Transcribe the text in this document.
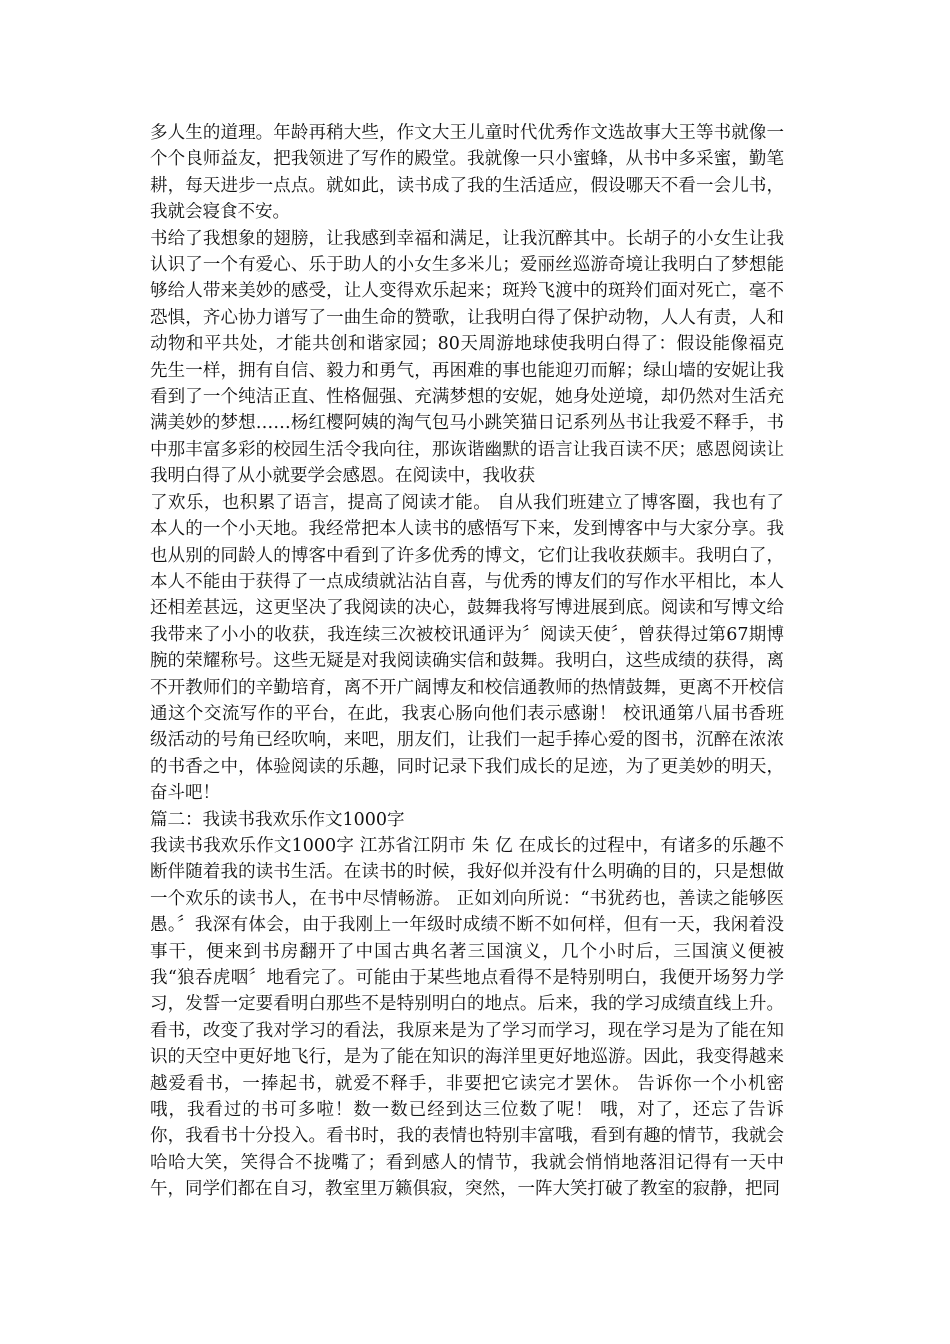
多人生的道理。年龄再稍大些，作文大王儿童时代优秀作文选故事大王等书就像一个个良师益友，把我领进了写作的殿堂。我就像一只小蜜蜂，从书中多采蜜，勤笔耕，每天进步一点点。就如此，读书成了我的生活适应，假设哪天不看一会儿书，我就会寝食不安。

书给了我想象的翅膀，让我感到幸福和满足，让我沉醉其中。长胡子的小女生让我认识了一个有爱心、乐于助人的小女生多米儿；爱丽丝巡游奇境让我明白了梦想能够给人带来美妙的感受，让人变得欢乐起来；斑羚飞渡中的斑羚们面对死亡，毫不恐惧，齐心协力谱写了一曲生命的赞歌，让我明白得了保护动物，人人有责，人和动物和平共处，才能共创和谐家园；80天周游地球使我明白得了：假设能像福克先生一样，拥有自信、毅力和勇气，再困难的事也能迎刃而解；绿山墙的安妮让我看到了一个纯洁正直、性格倔强、充满梦想的安妮，她身处逆境，却仍然对生活充满美妙的梦想……杨红樱阿姨的淘气包马小跳笑猫日记系列丛书让我爱不释手，书中那丰富多彩的校园生活令我向往，那诙谐幽默的语言让我百读不厌；感恩阅读让我明白得了从小就要学会感恩。在阅读中，我收获

了欢乐，也积累了语言，提高了阅读才能。 自从我们班建立了博客圈，我也有了本人的一个小天地。我经常把本人读书的感悟写下来，发到博客中与大家分享。我也从别的同龄人的博客中看到了许多优秀的博文，它们让我收获颇丰。我明白了，本人不能由于获得了一点成绩就沾沾自喜，与优秀的博友们的写作水平相比，本人还相差甚远，这更坚决了我阅读的决心，鼓舞我将写博进展到底。阅读和写博文给我带来了小小的收获，我连续三次被校讯通评为〞阅读天使〞，曾获得过第67期博腕的荣耀称号。这些无疑是对我阅读确实信和鼓舞。我明白，这些成绩的获得，离不开教师们的辛勤培育，离不开广阔博友和校信通教师的热情鼓舞，更离不开校信通这个交流写作的平台，在此，我衷心肠向他们表示感谢！ 校讯通第八届书香班级活动的号角已经吹响，来吧，朋友们，让我们一起手捧心爱的图书，沉醉在浓浓的书香之中，体验阅读的乐趣，同时记录下我们成长的足迹，为了更美妙的明天，奋斗吧！

篇二：我读书我欢乐作文1000字

我读书我欢乐作文1000字 江苏省江阴市 朱 亿 在成长的过程中，有诸多的乐趣不断伴随着我的读书生活。在读书的时候，我好似并没有什么明确的目的，只是想做一个欢乐的读书人，在书中尽情畅游。 正如刘向所说：“书犹药也，善读之能够医愚。〞我深有体会，由于我刚上一年级时成绩不断不如何样，但有一天，我闲着没事干，便来到书房翻开了中国古典名著三国演义，几个小时后，三国演义便被我“狼吞虎咽〞地看完了。可能由于某些地点看得不是特别明白，我便开场努力学习，发誓一定要看明白那些不是特别明白的地点。后来，我的学习成绩直线上升。看书，改变了我对学习的看法，我原来是为了学习而学习，现在学习是为了能在知识的天空中更好地飞行，是为了能在知识的海洋里更好地巡游。因此，我变得越来越爱看书，一捧起书，就爱不释手，非要把它读完才罢休。 告诉你一个小机密哦，我看过的书可多啦！数一数已经到达三位数了呢！ 哦，对了，还忘了告诉你，我看书十分投入。看书时，我的表情也特别丰富哦，看到有趣的情节，我就会哈哈大笑，笑得合不拢嘴了；看到感人的情节，我就会悄悄地落泪记得有一天中午，同学们都在自习，教室里万籁俱寂，突然，一阵大笑打破了教室的寂静，把同
